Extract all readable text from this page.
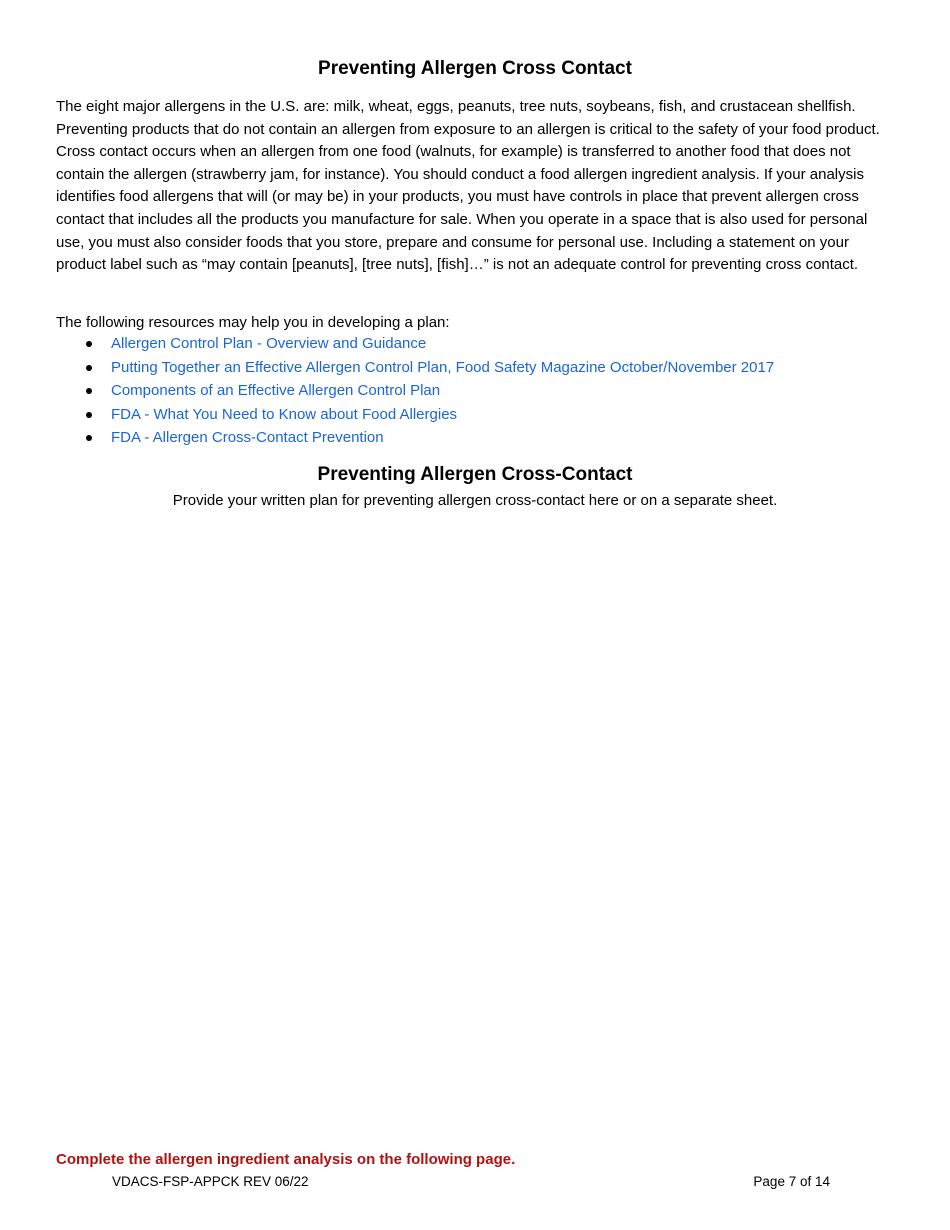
Preventing Allergen Cross Contact

The eight major allergens in the U.S. are: milk, wheat, eggs, peanuts, tree nuts, soybeans, fish, and crustacean shellfish. Preventing products that do not contain an allergen from exposure to an allergen is critical to the safety of your food product. Cross contact occurs when an allergen from one food (walnuts, for example) is transferred to another food that does not contain the allergen (strawberry jam, for instance). You should conduct a food allergen ingredient analysis. If your analysis identifies food allergens that will (or may be) in your products, you must have controls in place that prevent allergen cross contact that includes all the products you manufacture for sale. When you operate in a space that is also used for personal use, you must also consider foods that you store, prepare and consume for personal use. Including a statement on your product label such as “may contain [peanuts], [tree nuts], [fish]…” is not an adequate control for preventing cross contact.

The following resources may help you in developing a plan:

Allergen Control Plan - Overview and Guidance
Putting Together an Effective Allergen Control Plan, Food Safety Magazine October/November 2017
Components of an Effective Allergen Control Plan
FDA - What You Need to Know about Food Allergies
FDA - Allergen Cross-Contact Prevention
Preventing Allergen Cross-Contact

Provide your written plan for preventing allergen cross-contact here or on a separate sheet.

Complete the allergen ingredient analysis on the following page.
VDACS-FSP-APPCK REV 06/22	Page 7 of 14
